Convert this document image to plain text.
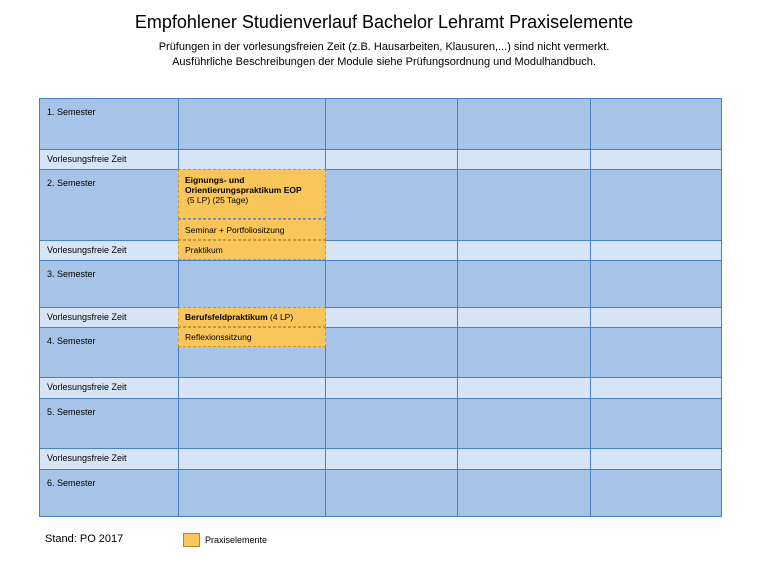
Empfohlener Studienverlauf Bachelor Lehramt Praxiselemente
Prüfungen in der vorlesungsfreien Zeit (z.B. Hausarbeiten, Klausuren,...) sind nicht vermerkt.
Ausführliche Beschreibungen der Module siehe Prüfungsordnung und Modulhandbuch.
1. Semester
Vorlesungsfreie Zeit
2. Semester
Vorlesungsfreie Zeit
3. Semester
Vorlesungsfreie Zeit
4. Semester
Vorlesungsfreie Zeit
5. Semester
Vorlesungsfreie Zeit
6. Semester
Eignungs- und
Orientierungspraktikum EOP
(5 LP) (25 Tage)
Seminar + Portfoliositzung
Praktikum
Berufsfeldpraktikum (4 LP)
Reflexionssitzung
Stand: PO 2017	Praxiselemente
